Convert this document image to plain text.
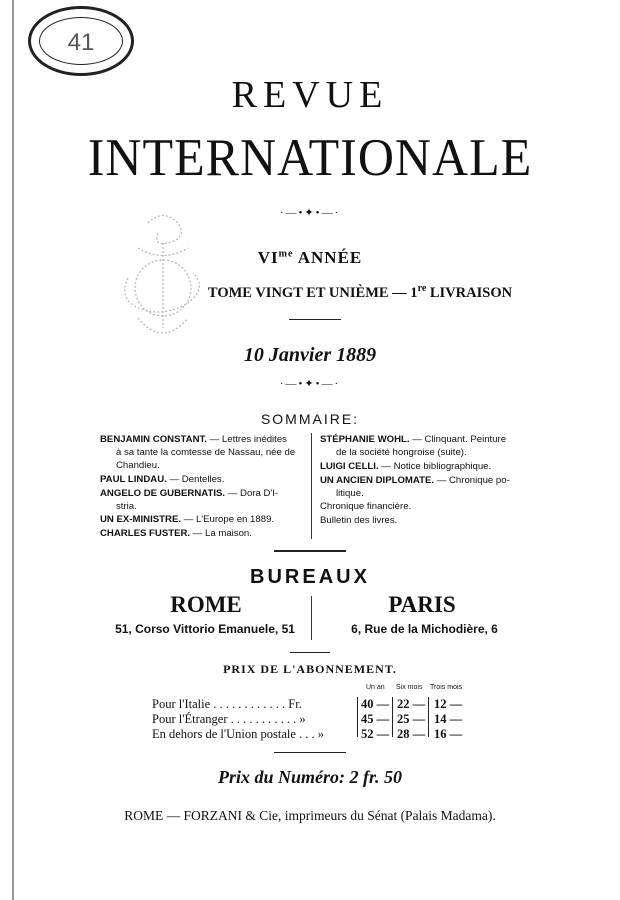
41
REVUE
INTERNATIONALE
·—•✦•—·
$VI^{me}$ ANNÉE
TOME VINGT ET UNIÈME — 1re LIVRAISON
10 Janvier 1889
·—•✦•—·
SOMMAIRE:
BENJAMIN CONSTANT. — Lettres inédites
à sa tante la comtesse de Nassau, née de Chandieu.
PAUL LINDAU. — Dentelles.
ANGELO DE GUBERNATIS. — Dora D'I-
stria.
UN EX-MINISTRE. — L'Europe en 1889.
CHARLES FUSTER. — La maison.
STÉPHANIE WOHL. — Clinquant. Peinture
de la société hongroise (suite).
LUIGI CELLI. — Notice bibliographique.
UN ANCIEN DIPLOMATE. — Chronique po-
litique.
Chronique financière.
Bulletin des livres.
BUREAUX
ROME	PARIS
51, Corso Vittorio Emanuele, 51	6, Rue de la Michodière, 6
PRIX DE L'ABONNEMENT.
Un an Six mois Trois mois
Pour l'Italie . . . . . . . . . . . . Fr.	40 — 22 — 12 —
Pour l'Étranger . . . . . . . . . . . »	45 — 25 — 14 —
En dehors de l'Union postale . . . »	52 — 28 — 16 —
Prix du Numéro: 2 fr. 50
ROME — FORZANI & Cie, imprimeurs du Sénat (Palais Madama).
